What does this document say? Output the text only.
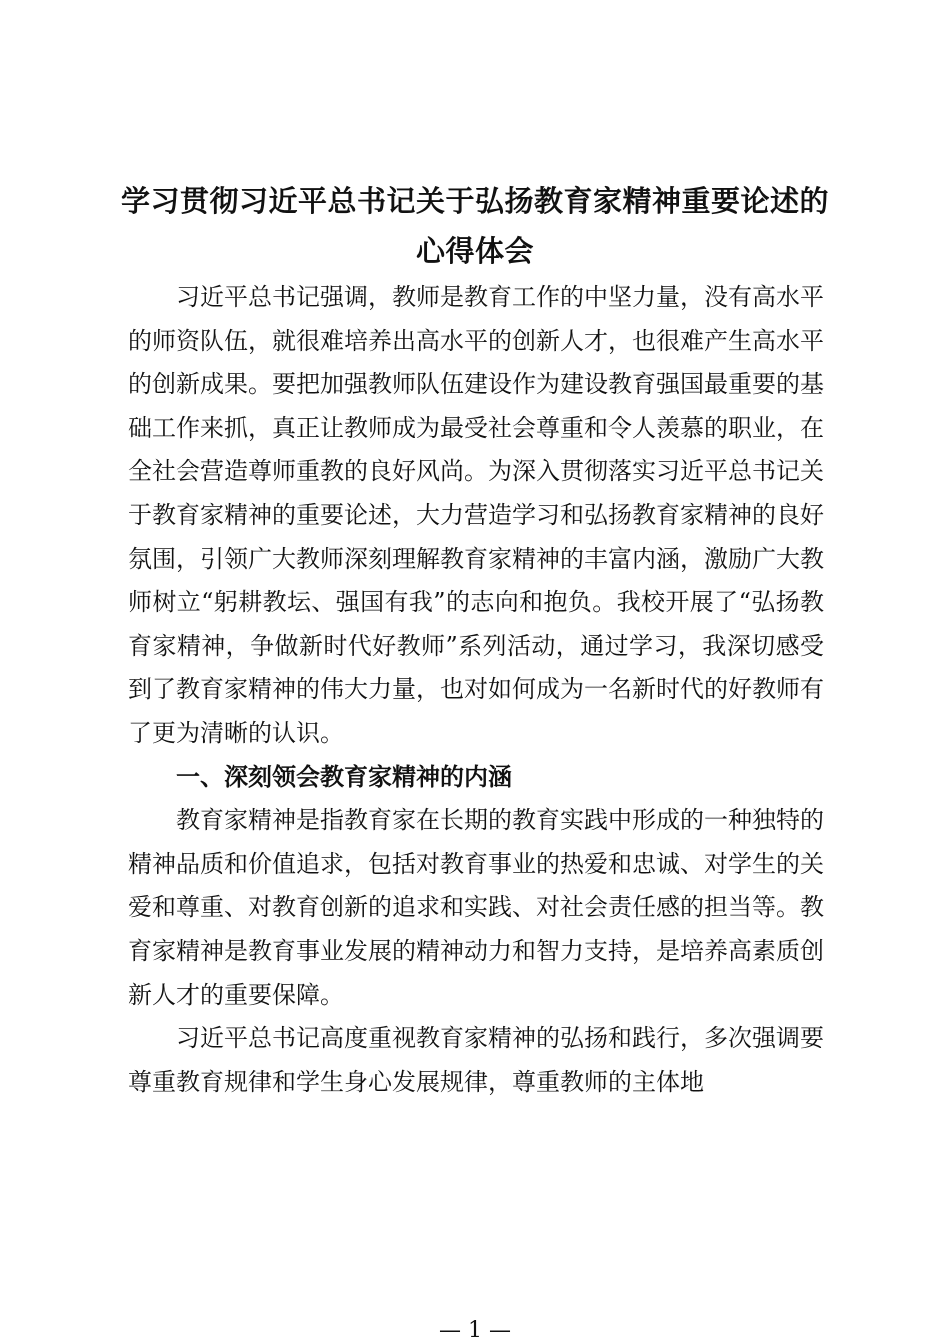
学习贯彻习近平总书记关于弘扬教育家精神重要论述的
心得体会

习近平总书记强调，教师是教育工作的中坚力量，没有高水平的师资队伍，就很难培养出高水平的创新人才，也很难产生高水平的创新成果。要把加强教师队伍建设作为建设教育强国最重要的基础工作来抓，真正让教师成为最受社会尊重和令人羡慕的职业，在全社会营造尊师重教的良好风尚。为深入贯彻落实习近平总书记关于教育家精神的重要论述，大力营造学习和弘扬教育家精神的良好氛围，引领广大教师深刻理解教育家精神的丰富内涵，激励广大教师树立“躬耕教坛、强国有我”的志向和抱负。我校开展了“弘扬教育家精神，争做新时代好教师”系列活动，通过学习，我深切感受到了教育家精神的伟大力量，也对如何成为一名新时代的好教师有了更为清晰的认识。

一、深刻领会教育家精神的内涵

教育家精神是指教育家在长期的教育实践中形成的一种独特的精神品质和价值追求，包括对教育事业的热爱和忠诚、对学生的关爱和尊重、对教育创新的追求和实践、对社会责任感的担当等。教育家精神是教育事业发展的精神动力和智力支持，是培养高素质创新人才的重要保障。

习近平总书记高度重视教育家精神的弘扬和践行，多次强调要尊重教育规律和学生身心发展规律，尊重教师的主体地

— 1 —
